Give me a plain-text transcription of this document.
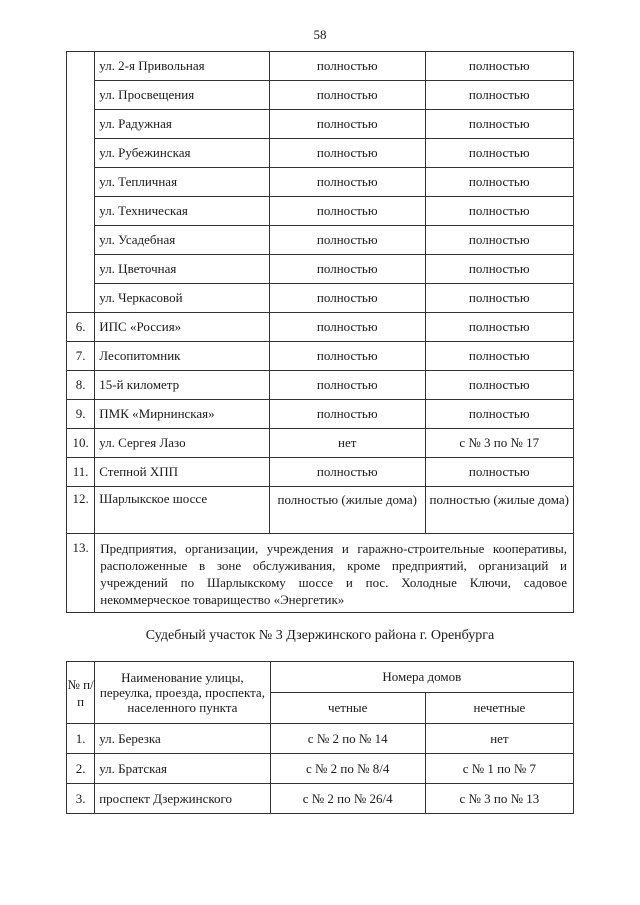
58
	ул. 2-я Привольная	полностью	полностью
	ул. Просвещения	полностью	полностью
	ул. Радужная	полностью	полностью
	ул. Рубежинская	полностью	полностью
	ул. Тепличная	полностью	полностью
	ул. Техническая	полностью	полностью
	ул. Усадебная	полностью	полностью
	ул. Цветочная	полностью	полностью
	ул. Черкасовой	полностью	полностью
6.	ИПС «Россия»	полностью	полностью
7.	Лесопитомник	полностью	полностью
8.	15-й километр	полностью	полностью
9.	ПМК «Мирнинская»	полностью	полностью
10.	ул. Сергея Лазо	нет	с № 3 по № 17
11.	Степной ХПП	полностью	полностью
12.	Шарлыкское шоссе	полностью (жилые дома)	полностью (жилые дома)
13.	Предприятия, организации, учреждения и гаражно-строительные кооперативы, расположенные в зоне обслуживания, кроме предприятий, организаций и учреждений по Шарлыкскому шоссе и пос. Холодные Ключи, садовое некоммерческое товарищество «Энергетик»		
Судебный участок № 3 Дзержинского района г. Оренбурга
№ п/п	Наименование улицы, переулка, проезда, проспекта, населенного пункта	Номера домов	
		четные	нечетные
1.	ул. Березка	с № 2 по № 14	нет
2.	ул. Братская	с № 2 по № 8/4	с № 1 по № 7
3.	проспект Дзержинского	с № 2 по № 26/4	с № 3 по № 13
